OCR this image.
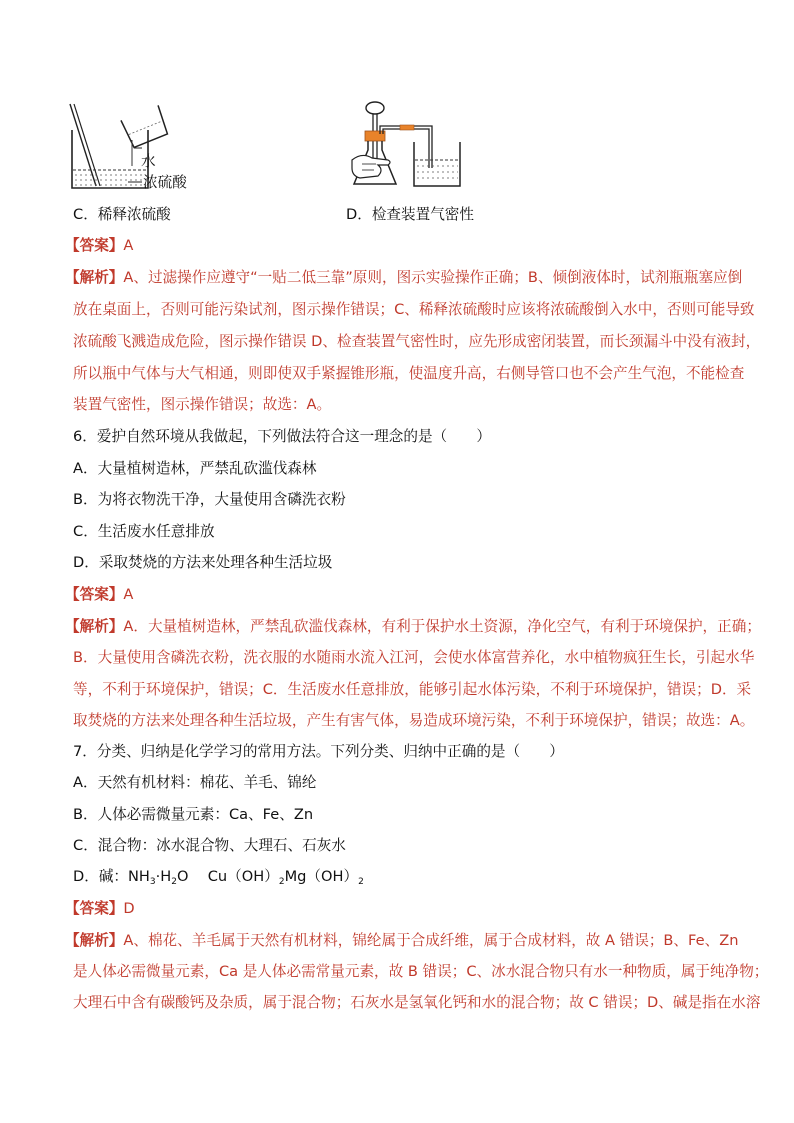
水
浓硫酸
C．稀释浓硫酸	D．检查装置气密性
【答案】A
【解析】A、过滤操作应遵守“一贴二低三靠”原则，图示实验操作正确；B、倾倒液体时，试剂瓶瓶塞应倒
放在桌面上，否则可能污染试剂，图示操作错误；C、稀释浓硫酸时应该将浓硫酸倒入水中，否则可能导致
浓硫酸飞溅造成危险，图示操作错误 D、检查装置气密性时，应先形成密闭装置，而长颈漏斗中没有液封，
所以瓶中气体与大气相通，则即使双手紧握锥形瓶，使温度升高，右侧导管口也不会产生气泡，不能检查
装置气密性，图示操作错误；故选：A。
6．爱护自然环境从我做起，下列做法符合这一理念的是（　　）
A．大量植树造林，严禁乱砍滥伐森林
B．为将衣物洗干净，大量使用含磷洗衣粉
C．生活废水任意排放
D．采取焚烧的方法来处理各种生活垃圾
【答案】A
【解析】A．大量植树造林，严禁乱砍滥伐森林，有利于保护水土资源，净化空气，有利于环境保护，正确；
B．大量使用含磷洗衣粉，洗衣服的水随雨水流入江河，会使水体富营养化，水中植物疯狂生长，引起水华
等，不利于环境保护，错误；C．生活废水任意排放，能够引起水体污染，不利于环境保护，错误；D．采
取焚烧的方法来处理各种生活垃圾，产生有害气体，易造成环境污染，不利于环境保护，错误；故选：A。
7．分类、归纳是化学学习的常用方法。下列分类、归纳中正确的是（　　）
A．天然有机材料：棉花、羊毛、锦纶
B．人体必需微量元素：Ca、Fe、Zn
C．混合物：冰水混合物、大理石、石灰水
D．碱：$NH_3\cdot H_2O$　 $Cu(OH)_2Mg(OH)_2$
【答案】D
【解析】A、棉花、羊毛属于天然有机材料，锦纶属于合成纤维，属于合成材料，故 A 错误；B、Fe、Zn
是人体必需微量元素，Ca 是人体必需常量元素，故 B 错误；C、冰水混合物只有水一种物质，属于纯净物；
大理石中含有碳酸钙及杂质，属于混合物；石灰水是氢氧化钙和水的混合物；故 C 错误；D、碱是指在水溶
